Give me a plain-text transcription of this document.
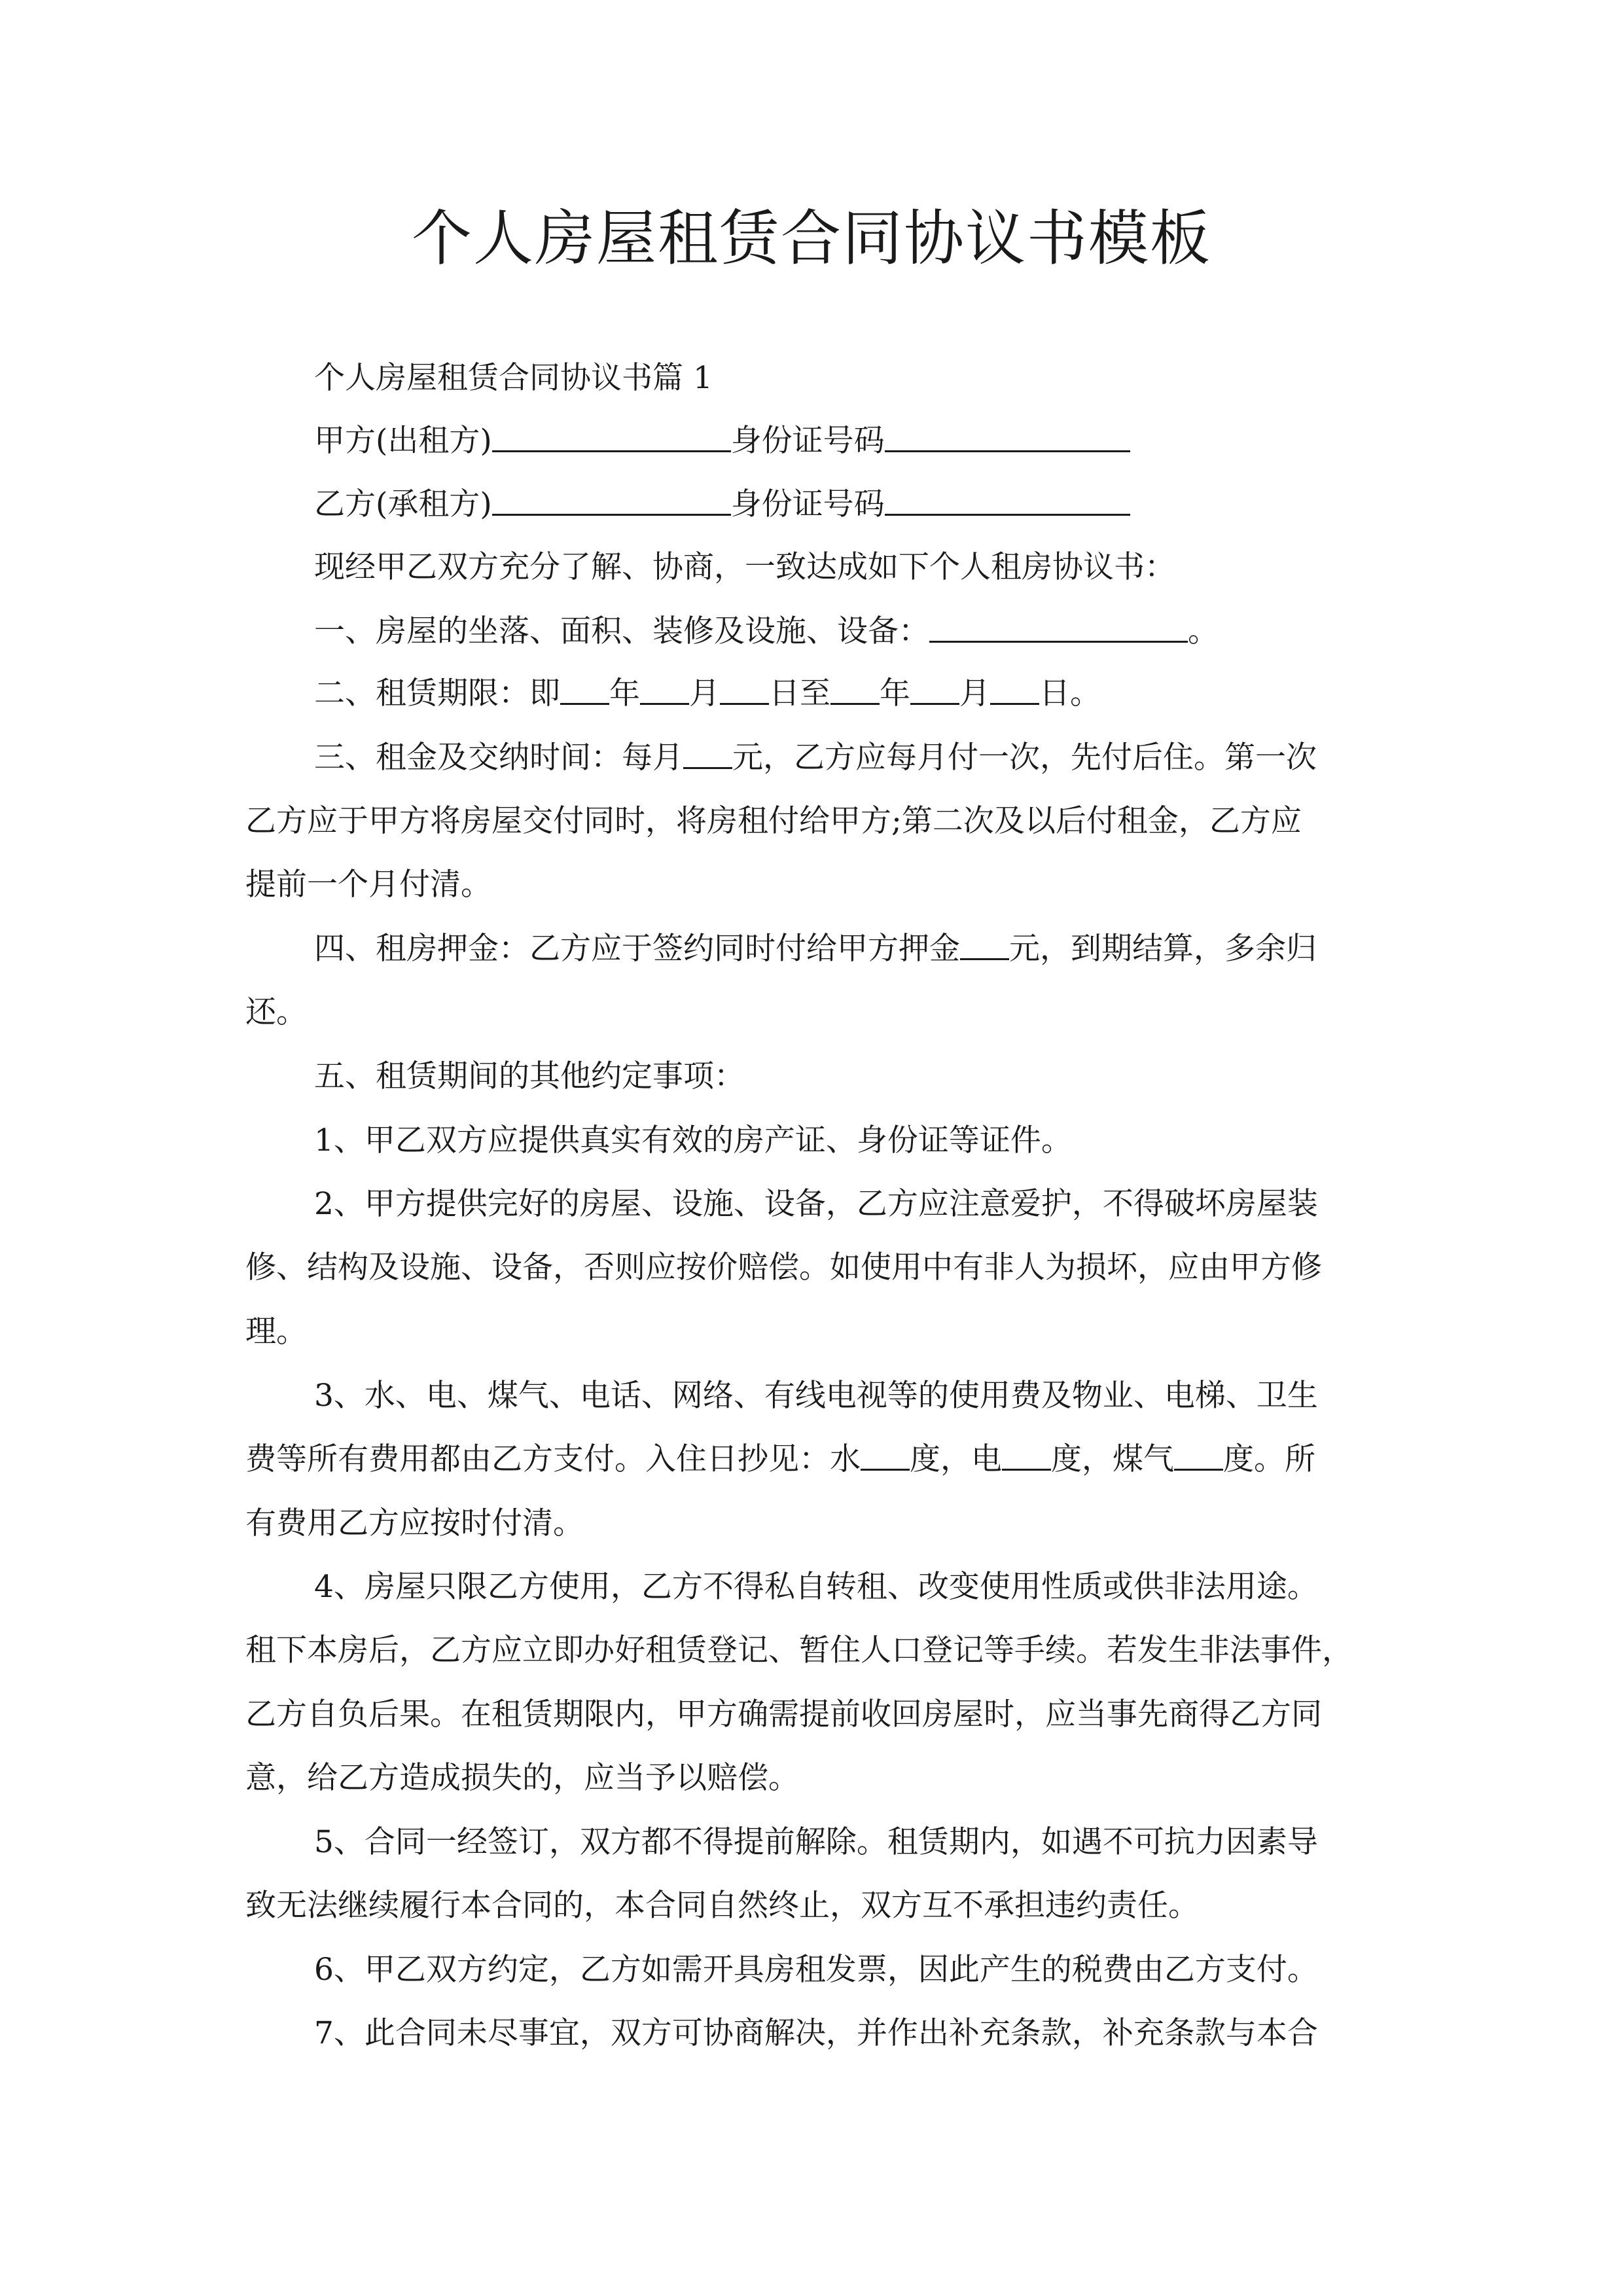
个人房屋租赁合同协议书模板

个人房屋租赁合同协议书篇 1

甲方(出租方)	身份证号码

乙方(承租方)	身份证号码

现经甲乙双方充分了解、协商，一致达成如下个人租房协议书：

一、房屋的坐落、面积、装修及设施、设备：	。

二、租赁期限：即 年 月 日至 年 月 日。

三、租金及交纳时间：每月 元，乙方应每月付一次，先付后住。第一次

乙方应于甲方将房屋交付同时，将房租付给甲方;第二次及以后付租金，乙方应

提前一个月付清。

四、租房押金：乙方应于签约同时付给甲方押金 元，到期结算，多余归

还。

五、租赁期间的其他约定事项：

1、甲乙双方应提供真实有效的房产证、身份证等证件。

2、甲方提供完好的房屋、设施、设备，乙方应注意爱护，不得破坏房屋装

修、结构及设施、设备，否则应按价赔偿。如使用中有非人为损坏，应由甲方修

理。

3、水、电、煤气、电话、网络、有线电视等的使用费及物业、电梯、卫生

费等所有费用都由乙方支付。入住日抄见：水 度，电 度，煤气 度。所

有费用乙方应按时付清。

4、房屋只限乙方使用，乙方不得私自转租、改变使用性质或供非法用途。

租下本房后，乙方应立即办好租赁登记、暂住人口登记等手续。若发生非法事件，

乙方自负后果。在租赁期限内，甲方确需提前收回房屋时，应当事先商得乙方同

意，给乙方造成损失的，应当予以赔偿。

5、合同一经签订，双方都不得提前解除。租赁期内，如遇不可抗力因素导

致无法继续履行本合同的，本合同自然终止，双方互不承担违约责任。

6、甲乙双方约定，乙方如需开具房租发票，因此产生的税费由乙方支付。

7、此合同未尽事宜，双方可协商解决，并作出补充条款，补充条款与本合
